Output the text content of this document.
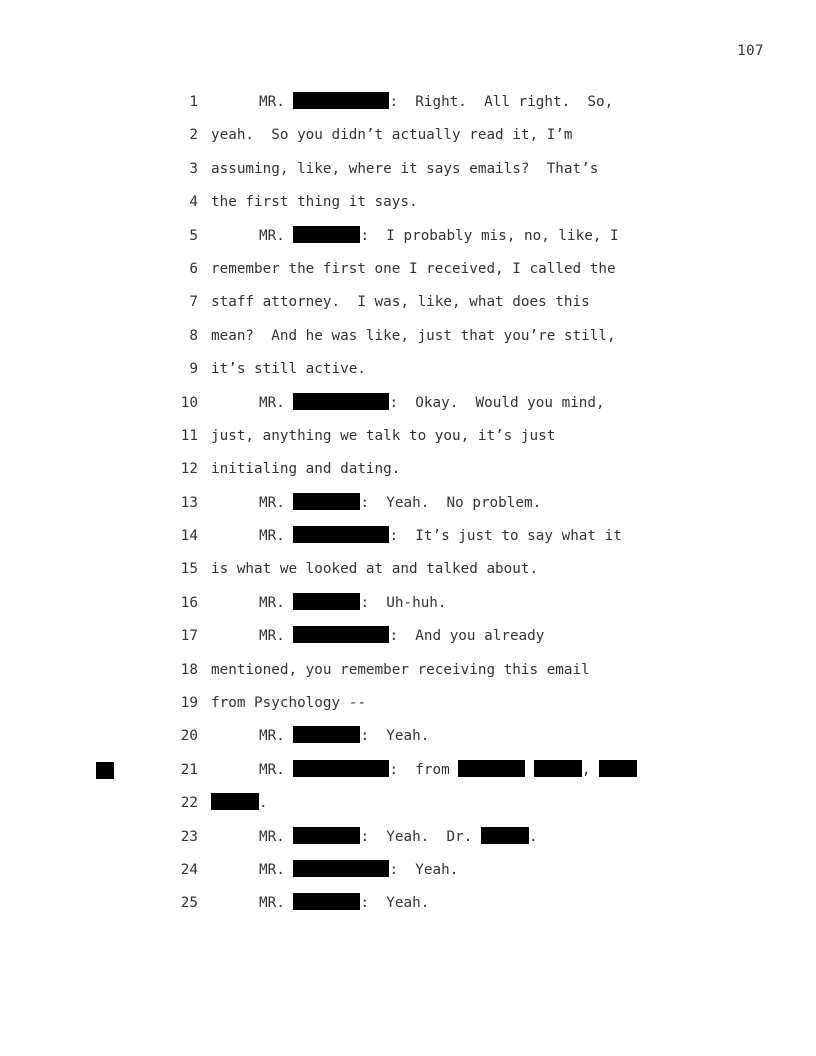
107
1	MR.	:  Right.  All right.  So,
2 yeah.  So you didn’t actually read it, I’m
3 assuming, like, where it says emails?  That’s
4 the first thing it says.
5	MR.	:  I probably mis, no, like, I
6 remember the first one I received, I called the
7 staff attorney.  I was, like, what does this
8 mean?  And he was like, just that you’re still,
9 it’s still active.
10	MR.	:  Okay.  Would you mind,
11 just, anything we talk to you, it’s just
12 initialing and dating.
13	MR.	:  Yeah.  No problem.
14	MR.	:  It’s just to say what it
15 is what we looked at and talked about.
16	MR.	:  Uh-huh.
17	MR.	:  And you already
18 mentioned, you remember receiving this email
19 from Psychology --
20	MR.	:  Yeah.
21	MR.	:  from	,
22	.
23	MR.	:  Yeah.  Dr.	.
24	MR.	:  Yeah.
25	MR.	:  Yeah.
